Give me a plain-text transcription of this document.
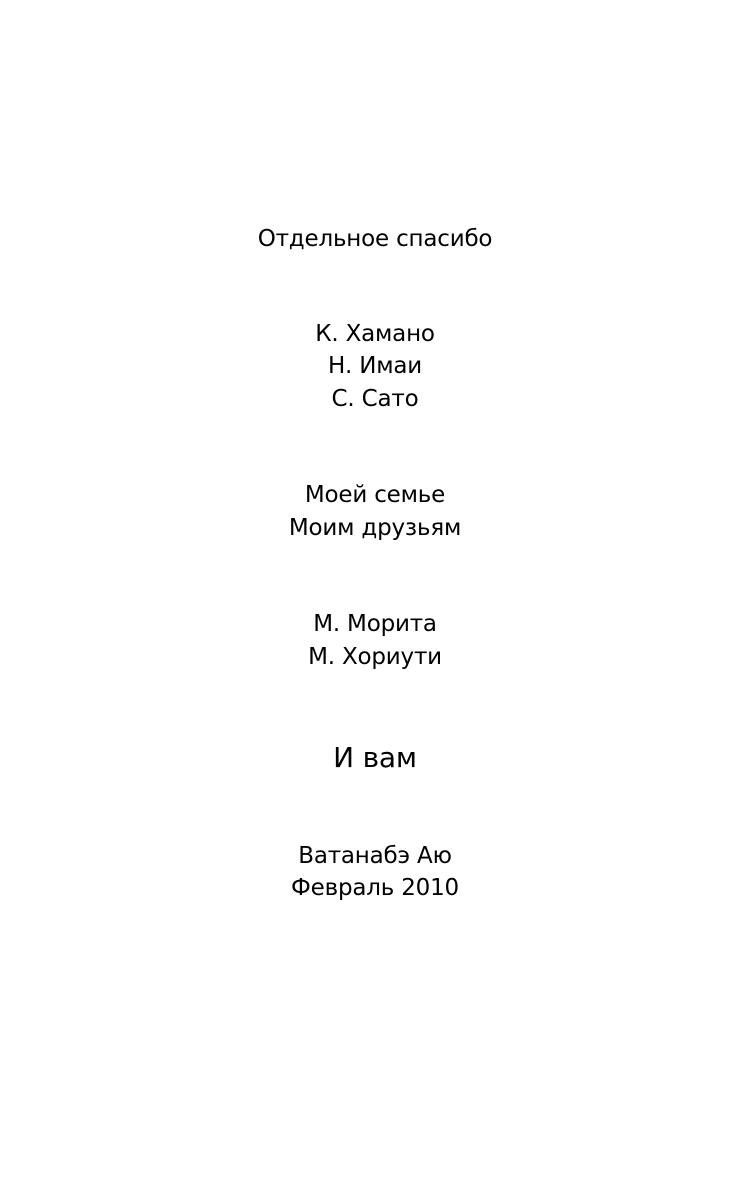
Отдельное спасибо
К. Хамано
Н. Имаи
С. Сато
Моей семье
Моим друзьям
М. Морита
М. Хориути
И вам
Ватанабэ Аю
Февраль 2010
